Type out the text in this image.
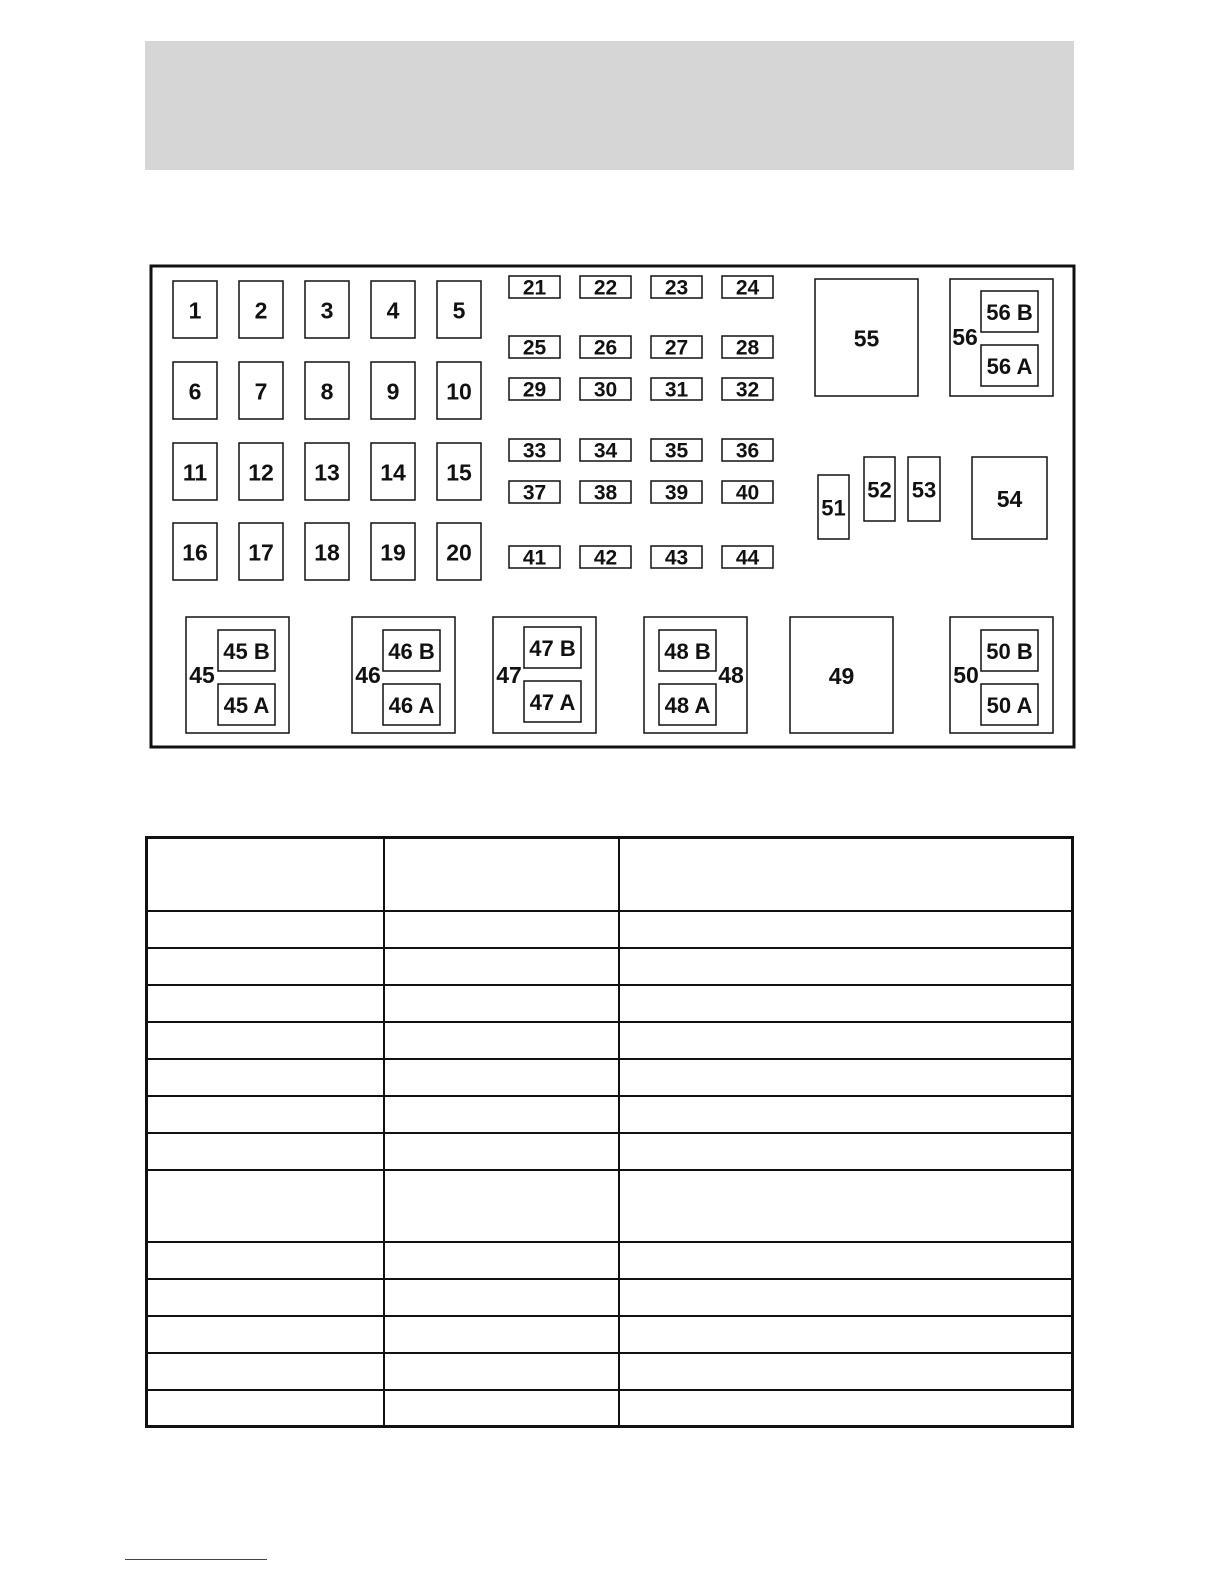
1 2 3 4 5
6 7 8 9 10
11 12 13 14 15
16 17 18 19 20
21 22 23 24
25 26 27 28
29 30 31 32
33 34 35 36
37 38 39 40
41 42 43 44
55	56
56 B
56 A
51
52 53	54
45
45 B
45 A
46
46 B
46 A
47
47 B
47 A
48
48 B
48 A
49	50
50 B
50 A
